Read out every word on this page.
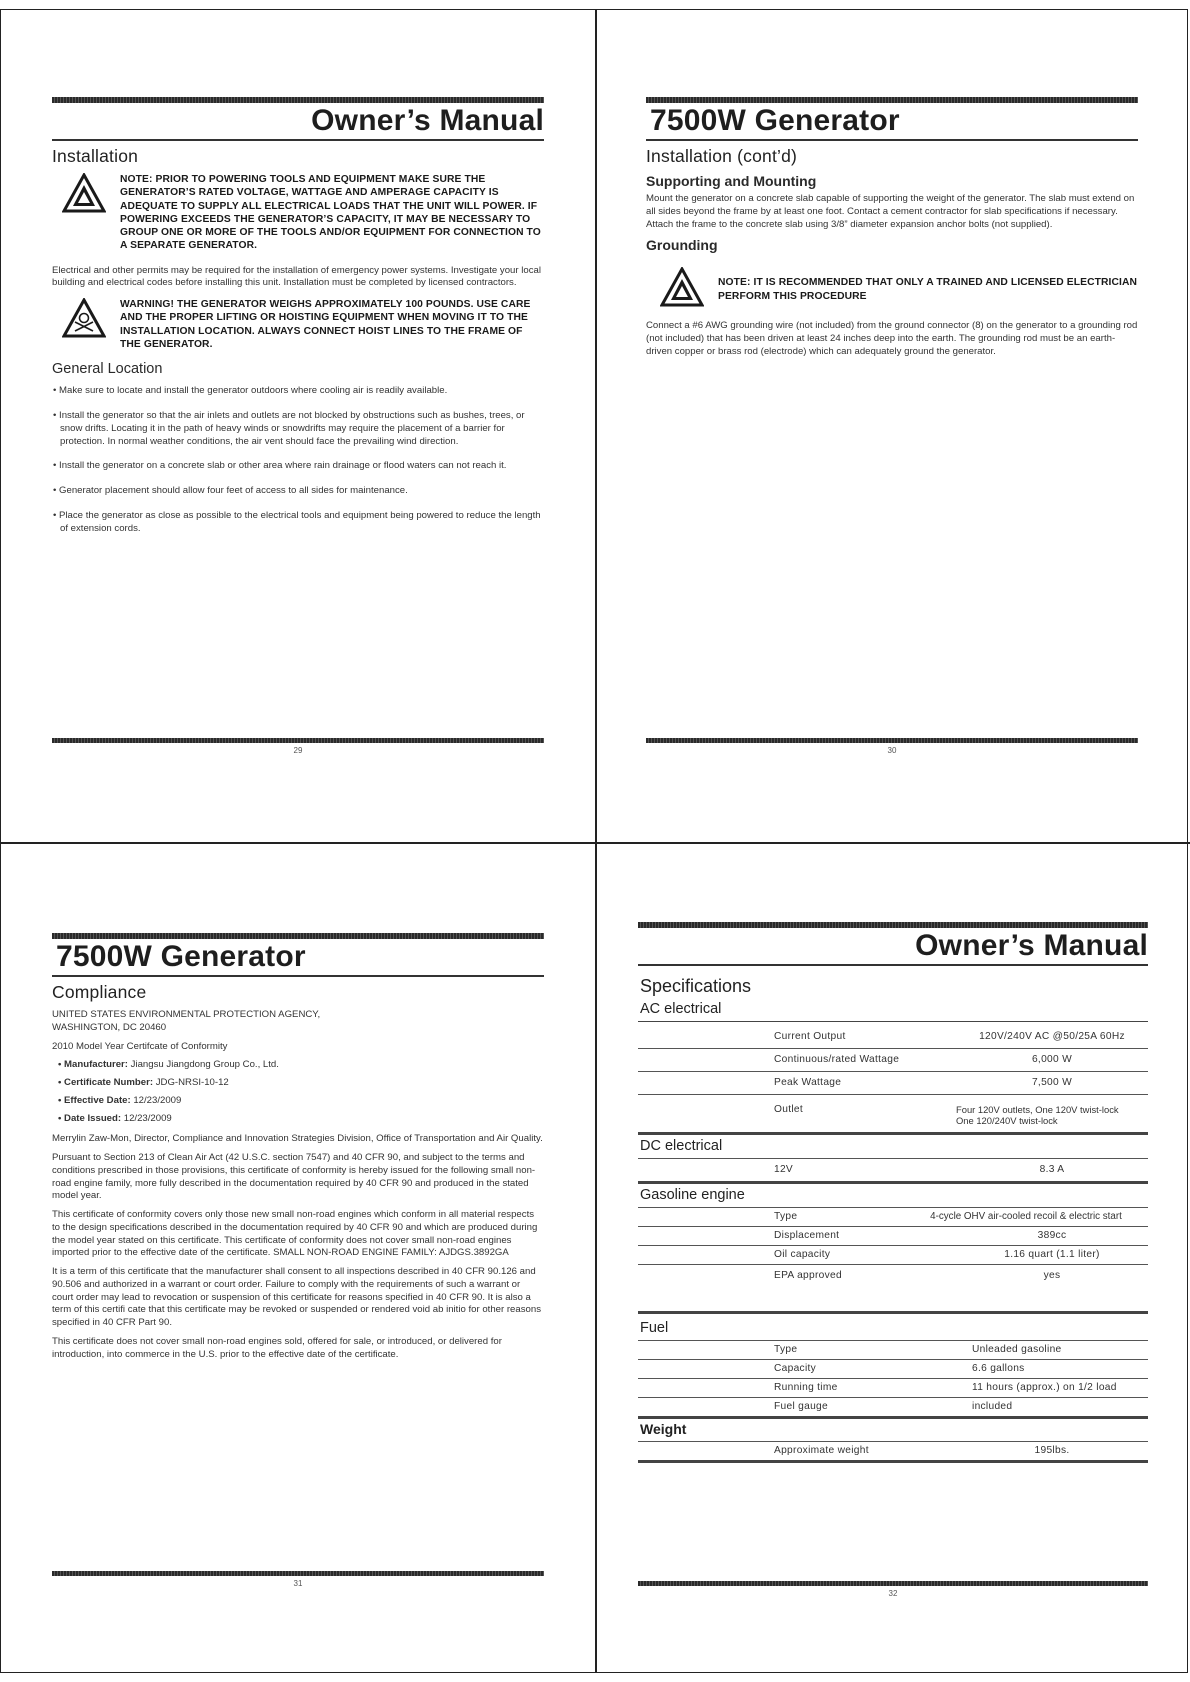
Owner’s Manual
Installation
NOTE: PRIOR TO POWERING TOOLS AND EQUIPMENT MAKE SURE THE GENERATOR’S RATED VOLTAGE, WATTAGE AND AMPERAGE CAPACITY IS ADEQUATE TO SUPPLY ALL ELECTRICAL LOADS THAT THE UNIT WILL POWER. IF POWERING EXCEEDS THE GENERATOR’S CAPACITY, IT MAY BE NECESSARY TO GROUP ONE OR MORE OF THE TOOLS AND/OR EQUIPMENT FOR CONNECTION TO A SEPARATE GENERATOR.

Electrical and other permits may be required for the installation of emergency power systems. Investigate your local building and electrical codes before installing this unit. Installation must be completed by licensed contractors.

WARNING! THE GENERATOR WEIGHS APPROXIMATELY 100 POUNDS. USE CARE AND THE PROPER LIFTING OR HOISTING EQUIPMENT WHEN MOVING IT TO THE INSTALLATION LOCATION. ALWAYS CONNECT HOIST LINES TO THE FRAME OF THE GENERATOR.
General Location
• Make sure to locate and install the generator outdoors where cooling air is readily available.
• Install the generator so that the air inlets and outlets are not blocked by obstructions such as bushes, trees, or snow drifts. Locating it in the path of heavy winds or snowdrifts may require the placement of a barrier for protection. In normal weather conditions, the air vent should face the prevailing wind direction.
• Install the generator on a concrete slab or other area where rain drainage or flood waters can not reach it.
• Generator placement should allow four feet of access to all sides for maintenance.
• Place the generator as close as possible to the electrical tools and equipment being powered to reduce the length of extension cords.
29
7500W Generator
Installation (cont’d)
Supporting and Mounting

Mount the generator on a concrete slab capable of supporting the weight of the generator. The slab must extend on all sides beyond the frame by at least one foot. Contact a cement contractor for slab specifications if necessary. Attach the frame to the concrete slab using 3/8” diameter expansion anchor bolts (not supplied).

Grounding
NOTE: IT IS RECOMMENDED THAT ONLY A TRAINED AND LICENSED ELECTRICIAN PERFORM THIS PROCEDURE

Connect a #6 AWG grounding wire (not included) from the ground connector (8) on the generator to a grounding rod (not included) that has been driven at least 24 inches deep into the earth. The grounding rod must be an earth-driven copper or brass rod (electrode) which can adequately ground the generator.

30
7500W Generator
Compliance

UNITED STATES ENVIRONMENTAL PROTECTION AGENCY, WASHINGTON, DC 20460

2010 Model Year Certifcate of Conformity

• Manufacturer: Jiangsu Jiangdong Group Co., Ltd.

• Certificate Number: JDG-NRSI-10-12

• Effective Date: 12/23/2009

• Date Issued: 12/23/2009

Merrylin Zaw-Mon, Director, Compliance and Innovation Strategies Division, Office of Transportation and Air Quality.

Pursuant to Section 213 of Clean Air Act (42 U.S.C. section 7547) and 40 CFR 90, and subject to the terms and conditions prescribed in those provisions, this certificate of conformity is hereby issued for the following small non-road engine family, more fully described in the documentation required by 40 CFR 90 and produced in the stated model year.

This certificate of conformity covers only those new small non-road engines which conform in all material respects to the design specifications described in the documentation required by 40 CFR 90 and which are produced during the model year stated on this certificate. This certificate of conformity does not cover small non-road engines imported prior to the effective date of the certificate. SMALL NON-ROAD ENGINE FAMILY: AJDGS.3892GA

It is a term of this certificate that the manufacturer shall consent to all inspections described in 40 CFR 90.126 and 90.506 and authorized in a warrant or court order. Failure to comply with the requirements of such a warrant or court order may lead to revocation or suspension of this certificate for reasons specified in 40 CFR 90. It is also a term of this certifi cate that this certificate may be revoked or suspended or rendered void ab initio for other reasons specified in 40 CFR Part 90.

This certificate does not cover small non-road engines sold, offered for sale, or introduced, or delivered for introduction, into commerce in the U.S. prior to the effective date of the certificate.

31
Owner’s Manual
Specifications
AC electrical
Current Output	120V/240V AC @50/25A 60Hz
Continuous/rated Wattage	6,000 W
Peak Wattage	7,500 W
Outlet	Four 120V outlets, One 120V twist-lock
One 120/240V twist-lock
DC electrical
12V	8.3 A
Gasoline engine
Type	4-cycle OHV air-cooled recoil & electric start
Displacement	389cc
Oil capacity	1.16 quart (1.1 liter)
EPA approved	yes
Fuel
Type	Unleaded gasoline
Capacity	6.6 gallons
Running time	11 hours (approx.) on 1/2 load
Fuel gauge	included
Weight
Approximate weight	195lbs.
32
